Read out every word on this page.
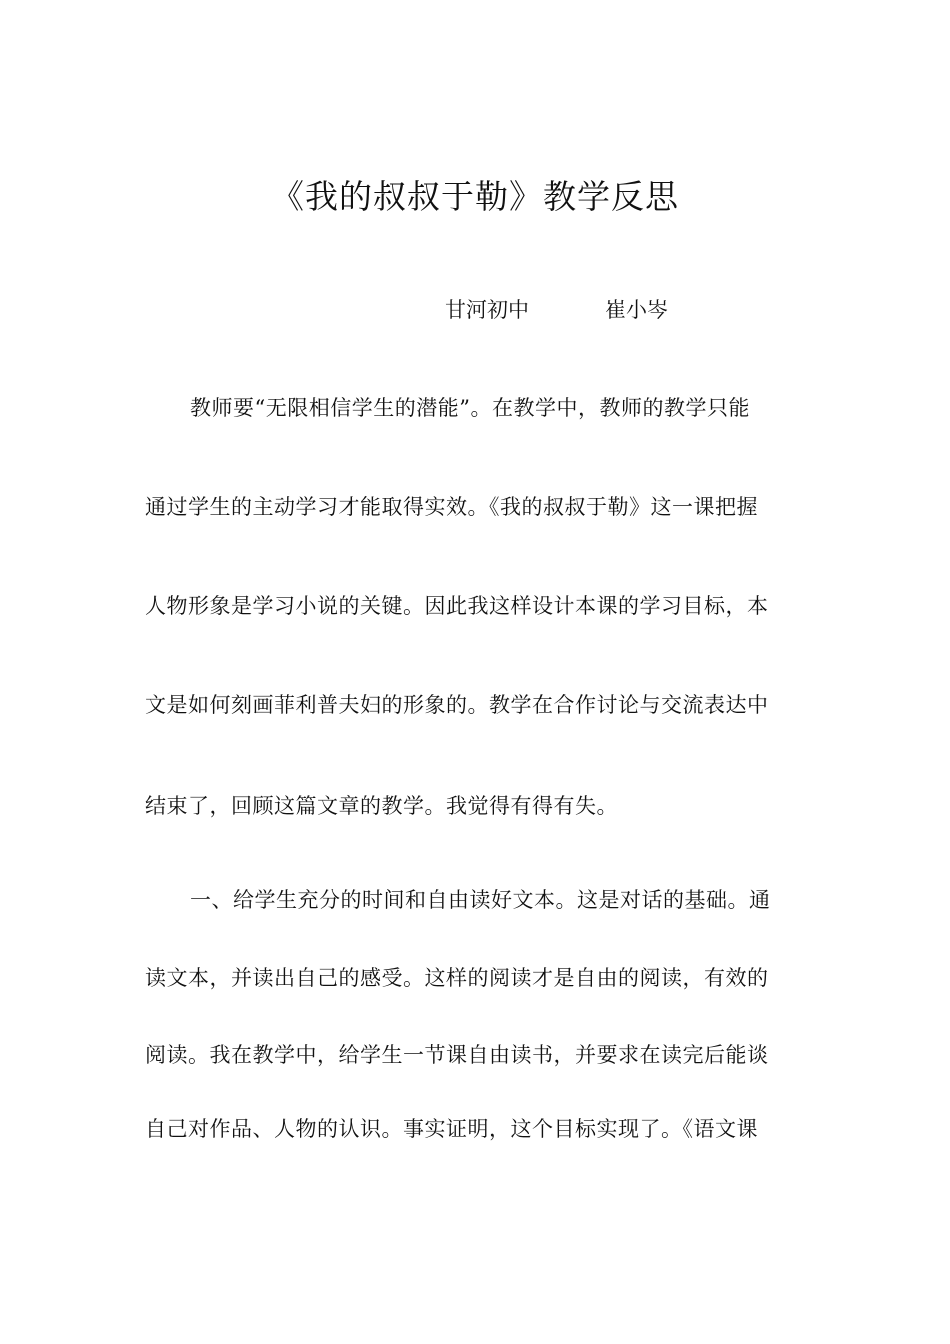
《我的叔叔于勒》教学反思
甘河初中	崔小岑
教师要“无限相信学生的潜能”。在教学中，教师的教学只能
通过学生的主动学习才能取得实效。《我的叔叔于勒》这一课把握
人物形象是学习小说的关键。因此我这样设计本课的学习目标，本
文是如何刻画菲利普夫妇的形象的。教学在合作讨论与交流表达中
结束了，回顾这篇文章的教学。我觉得有得有失。
一、给学生充分的时间和自由读好文本。这是对话的基础。通
读文本，并读出自己的感受。这样的阅读才是自由的阅读，有效的
阅读。我在教学中，给学生一节课自由读书，并要求在读完后能谈
自己对作品、人物的认识。事实证明，这个目标实现了。《语文课
